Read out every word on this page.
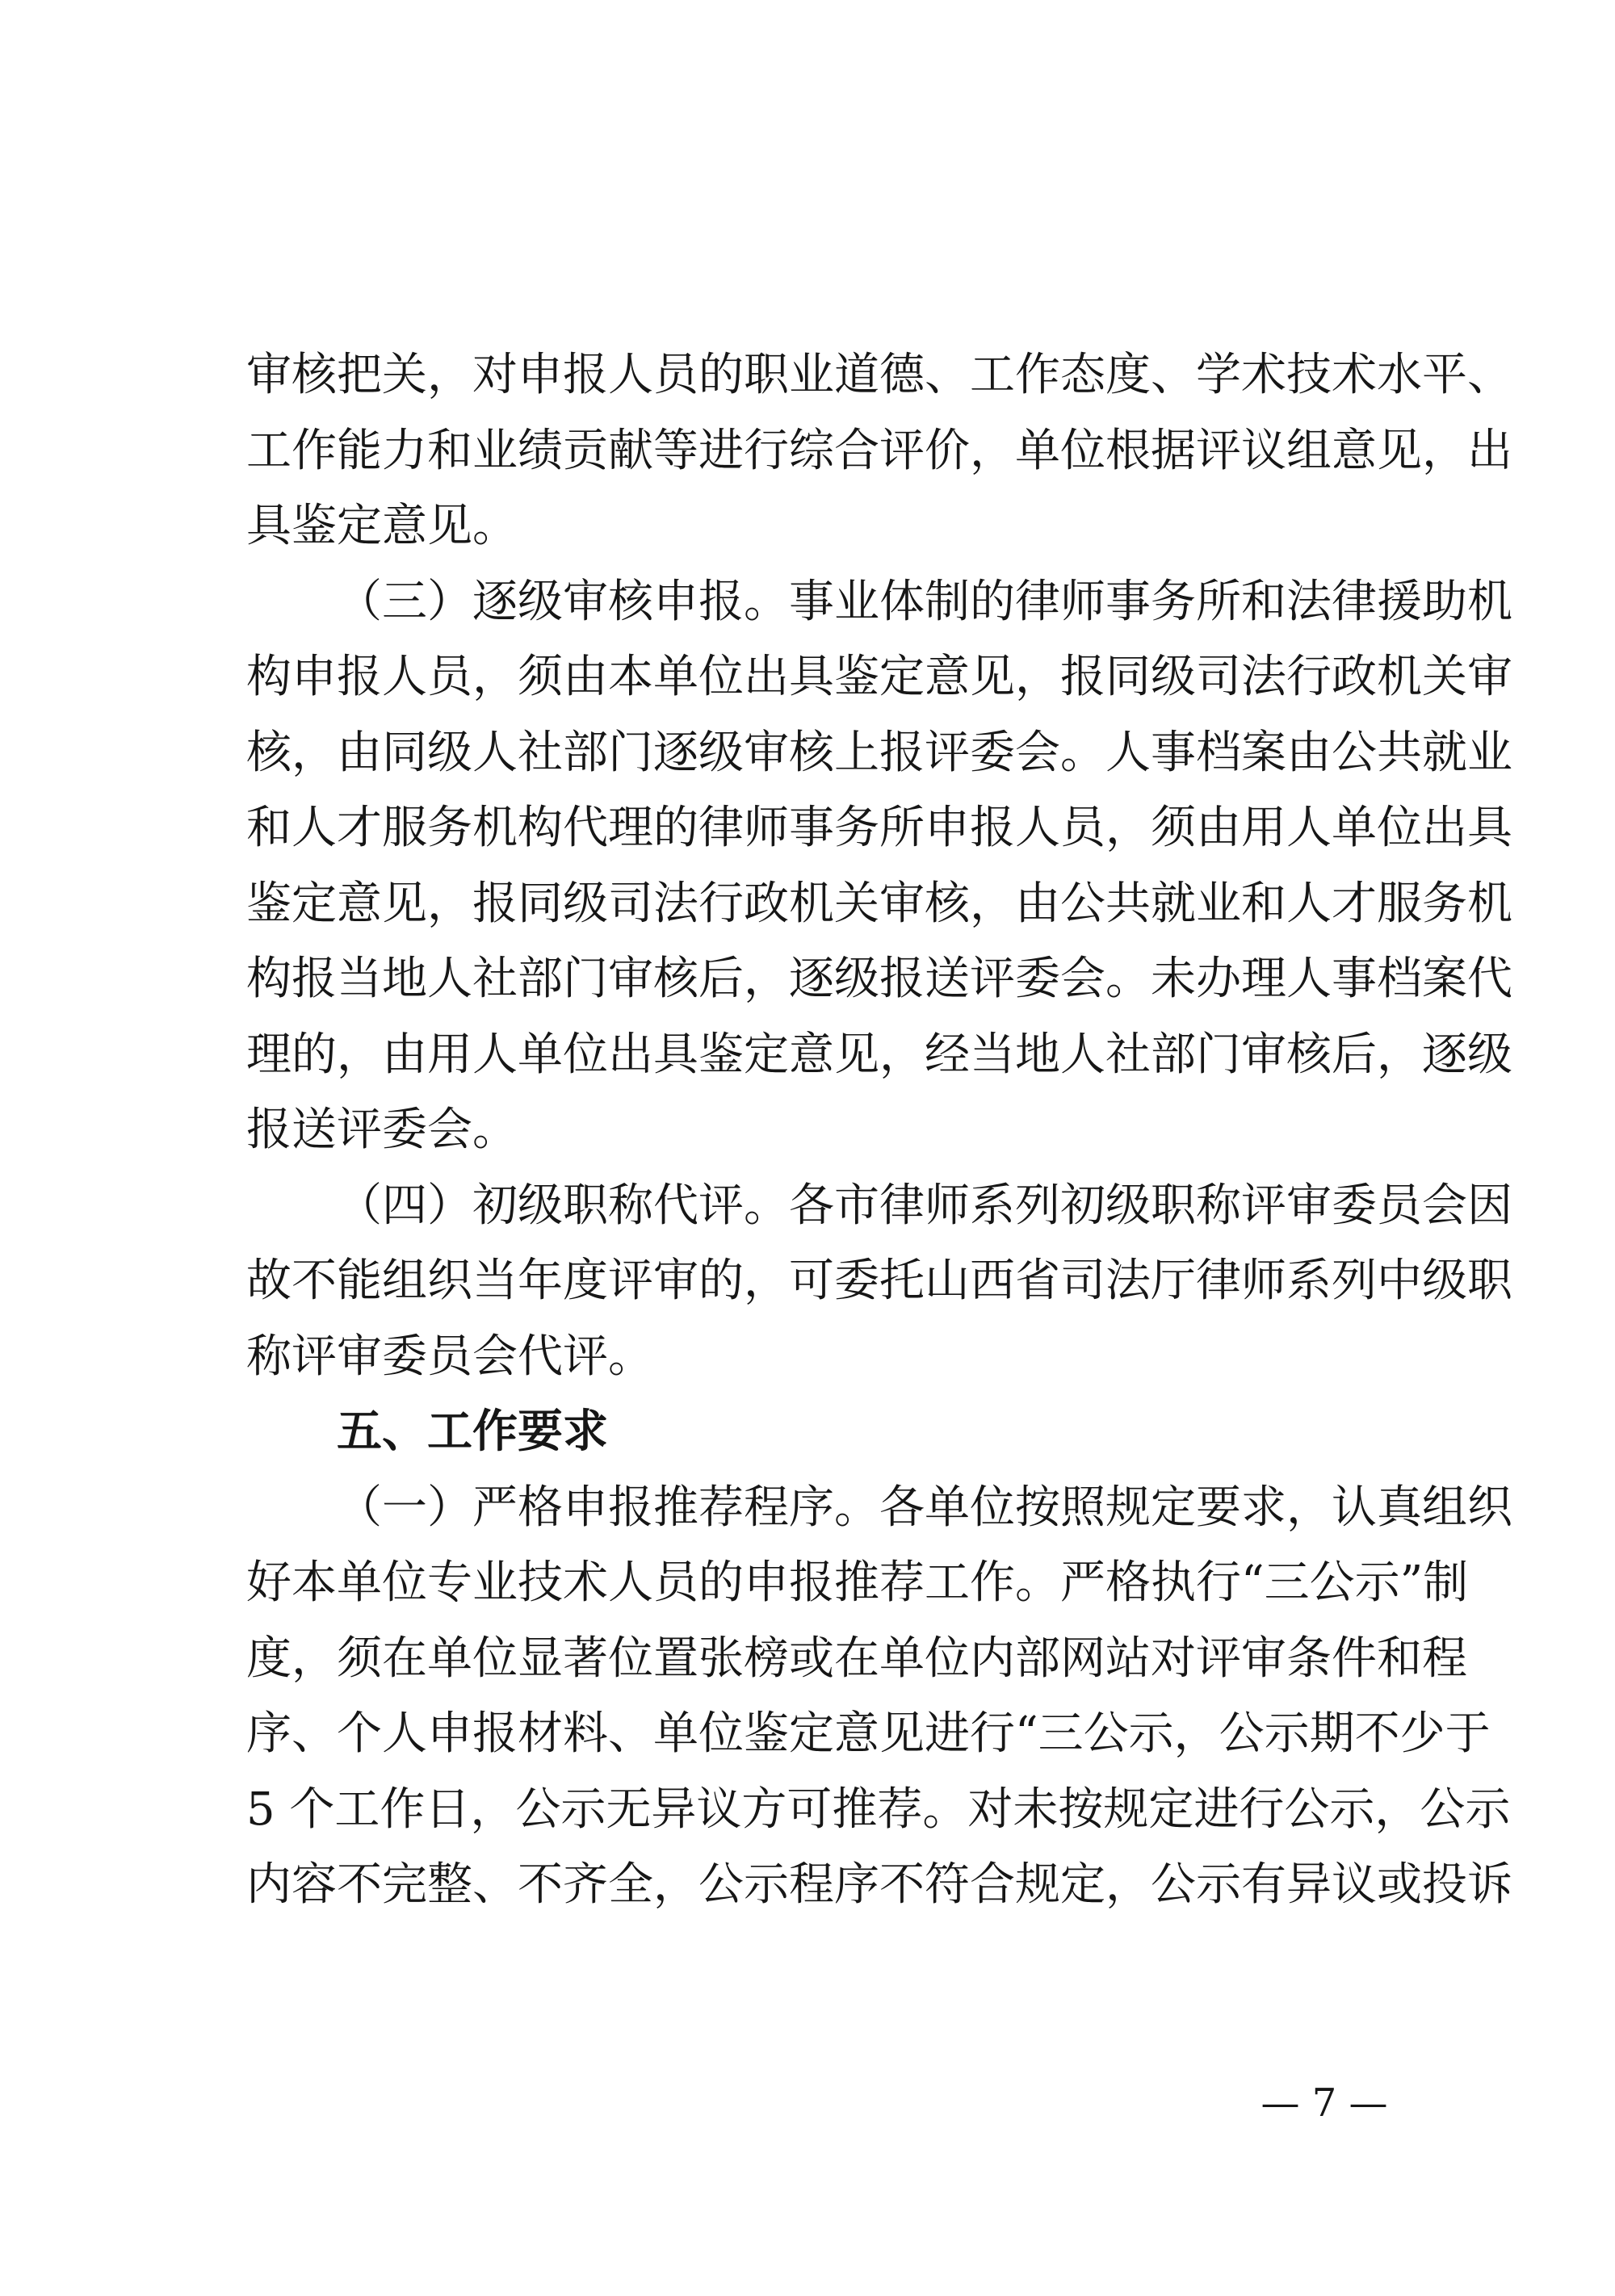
审核把关，对申报人员的职业道德、工作态度、学术技术水平、
工作能力和业绩贡献等进行综合评价，单位根据评议组意见，出
具鉴定意见。
（三）逐级审核申报。事业体制的律师事务所和法律援助机
构申报人员，须由本单位出具鉴定意见，报同级司法行政机关审
核，由同级人社部门逐级审核上报评委会。人事档案由公共就业
和人才服务机构代理的律师事务所申报人员，须由用人单位出具
鉴定意见，报同级司法行政机关审核，由公共就业和人才服务机
构报当地人社部门审核后，逐级报送评委会。未办理人事档案代
理的，由用人单位出具鉴定意见，经当地人社部门审核后，逐级
报送评委会。
（四）初级职称代评。各市律师系列初级职称评审委员会因
故不能组织当年度评审的，可委托山西省司法厅律师系列中级职
称评审委员会代评。
五、工作要求
（一）严格申报推荐程序。各单位按照规定要求，认真组织
好本单位专业技术人员的申报推荐工作。严格执行“三公示”制
度，须在单位显著位置张榜或在单位内部网站对评审条件和程
序、个人申报材料、单位鉴定意见进行“三公示，公示期不少于
5 个工作日，公示无异议方可推荐。对未按规定进行公示，公示
内容不完整、不齐全，公示程序不符合规定，公示有异议或投诉
— 7 —
